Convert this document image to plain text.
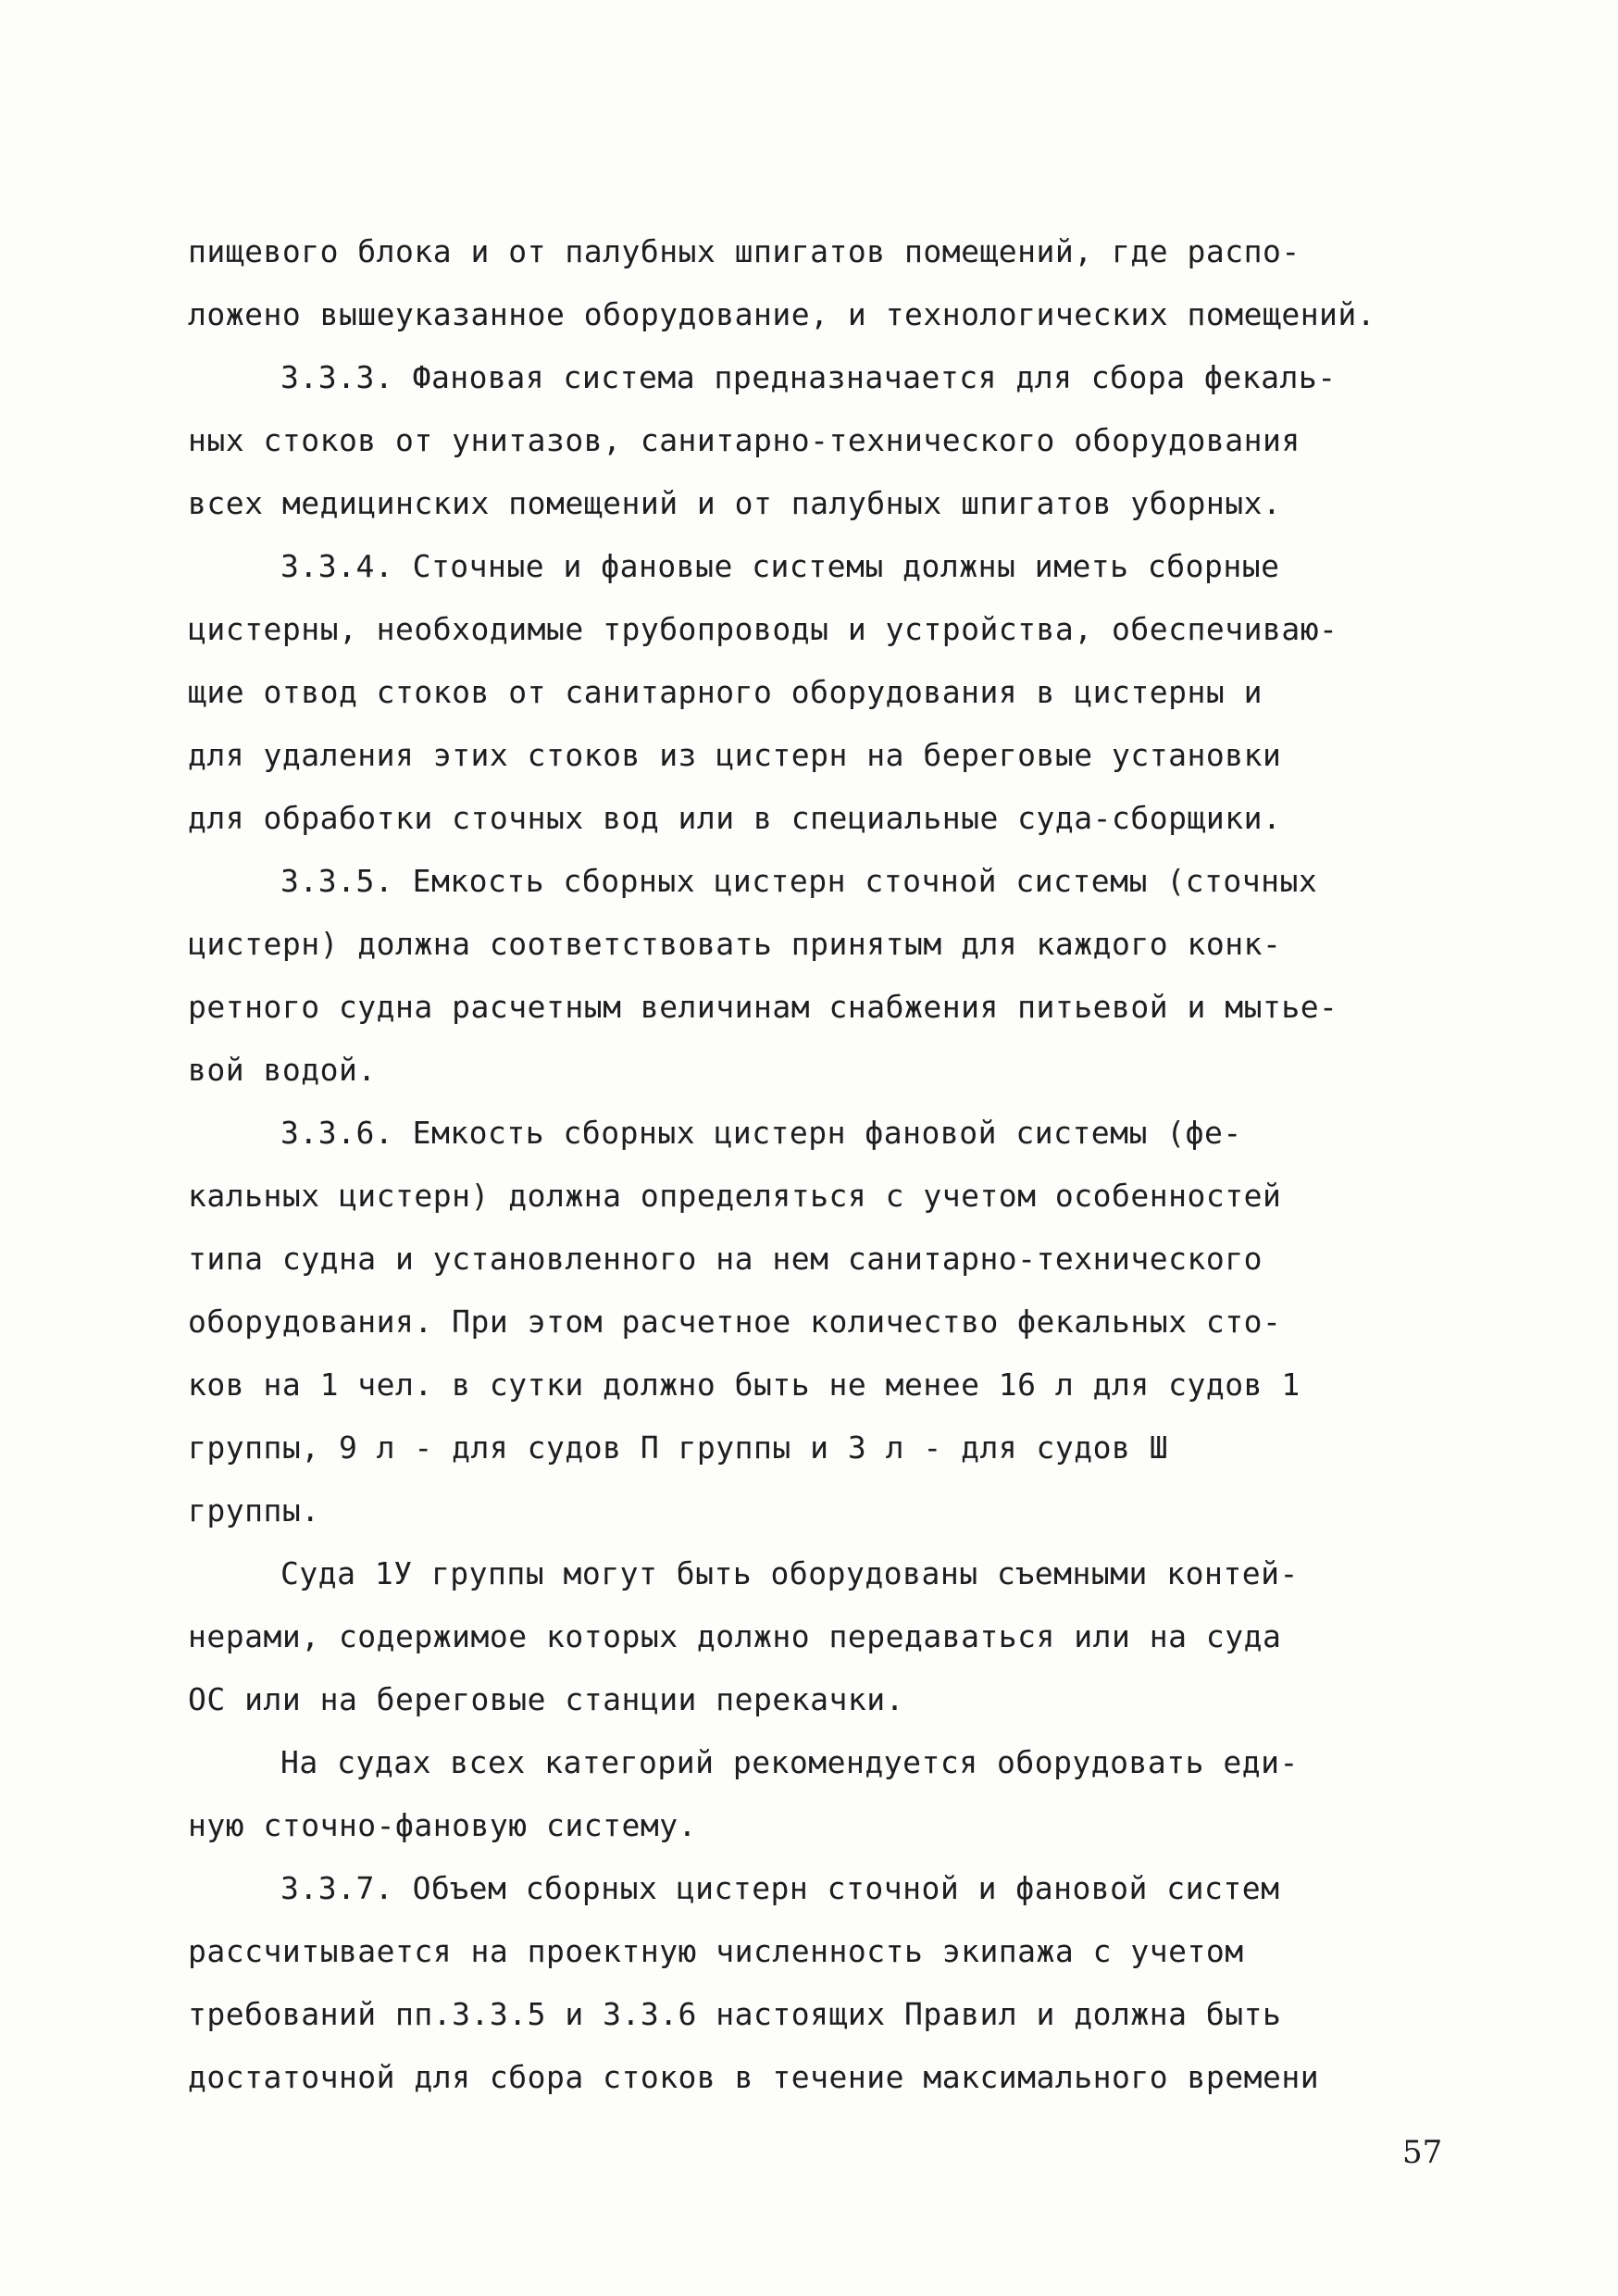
пищевого блока и от палубных шпигатов помещений, где распо-
ложено вышеуказанное оборудование, и технологических помещений.
3.3.3. Фановая система предназначается для сбора фекаль-
ных стоков от унитазов, санитарно-технического оборудования
всех медицинских помещений и от палубных шпигатов уборных.
3.3.4. Сточные и фановые системы должны иметь сборные
цистерны, необходимые трубопроводы и устройства, обеспечиваю-
щие отвод стоков от санитарного оборудования в цистерны и
для удаления этих стоков из цистерн на береговые установки
для обработки сточных вод или в специальные суда-сборщики.
3.3.5. Емкость сборных цистерн сточной системы (сточных
цистерн) должна соответствовать принятым для каждого конк-
ретного судна расчетным величинам снабжения питьевой и мытье-
вой водой.
3.3.6. Емкость сборных цистерн фановой системы (фе-
кальных цистерн) должна определяться с учетом особенностей
типа судна и установленного на нем санитарно-технического
оборудования. При этом расчетное количество фекальных сто-
ков на 1 чел. в сутки должно быть не менее 16 л для судов 1
группы, 9 л - для судов П группы и 3 л - для судов Ш
группы.
Суда 1У группы могут быть оборудованы съемными контей-
нерами, содержимое которых должно передаваться или на суда
ОС или на береговые станции перекачки.
На судах всех категорий рекомендуется оборудовать еди-
ную сточно-фановую систему.
3.3.7. Объем сборных цистерн сточной и фановой систем
рассчитывается на проектную численность экипажа с учетом
требований пп.3.3.5 и 3.3.6 настоящих Правил и должна быть
достаточной для сбора стоков в течение максимального времени
57
